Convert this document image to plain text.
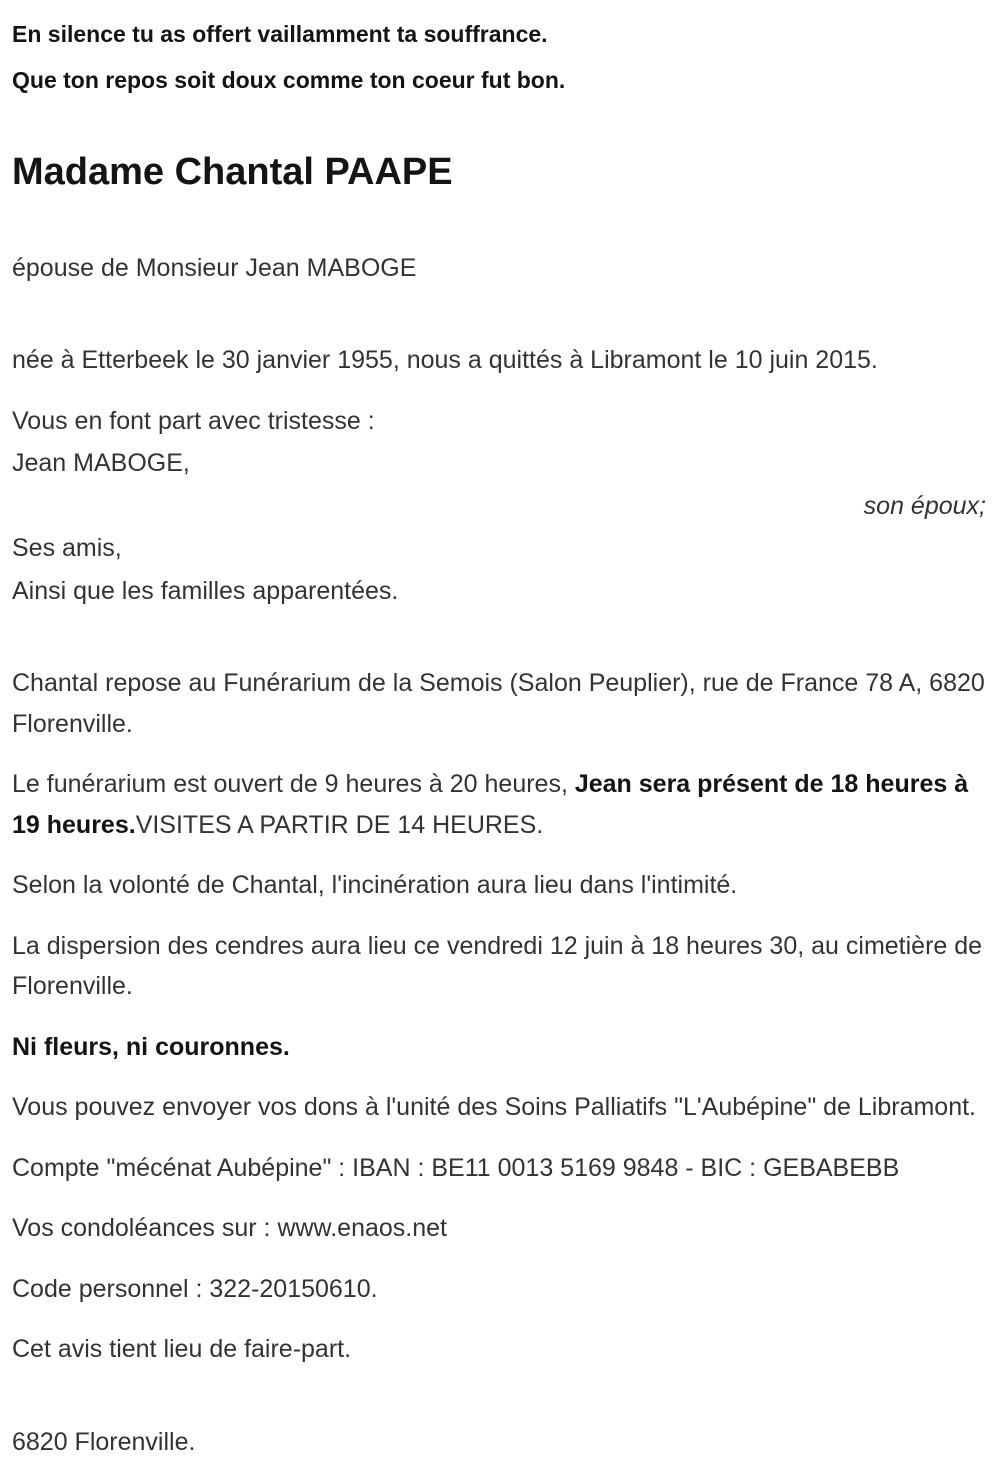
En silence tu as offert vaillamment ta souffrance.

Que ton repos soit doux comme ton coeur fut bon.

Madame Chantal PAAPE

épouse de Monsieur Jean MABOGE

née à Etterbeek le 30 janvier 1955, nous a quittés à Libramont le 10 juin 2015.

Vous en font part avec tristesse :

Jean MABOGE,

son époux;

Ses amis,

Ainsi que les familles apparentées.

Chantal repose au Funérarium de la Semois (Salon Peuplier), rue de France 78 A, 6820 Florenville.

Le funérarium est ouvert de 9 heures à 20 heures, Jean sera présent de 18 heures à 19 heures.VISITES A PARTIR DE 14 HEURES.

Selon la volonté de Chantal, l'incinération aura lieu dans l'intimité.

La dispersion des cendres aura lieu ce vendredi 12 juin à 18 heures 30, au cimetière de Florenville.

Ni fleurs, ni couronnes.

Vous pouvez envoyer vos dons à l'unité des Soins Palliatifs "L'Aubépine" de Libramont.

Compte "mécénat Aubépine" : IBAN : BE11 0013 5169 9848 - BIC : GEBABEBB

Vos condoléances sur : www.enaos.net

Code personnel : 322-20150610.

Cet avis tient lieu de faire-part.

6820 Florenville.
